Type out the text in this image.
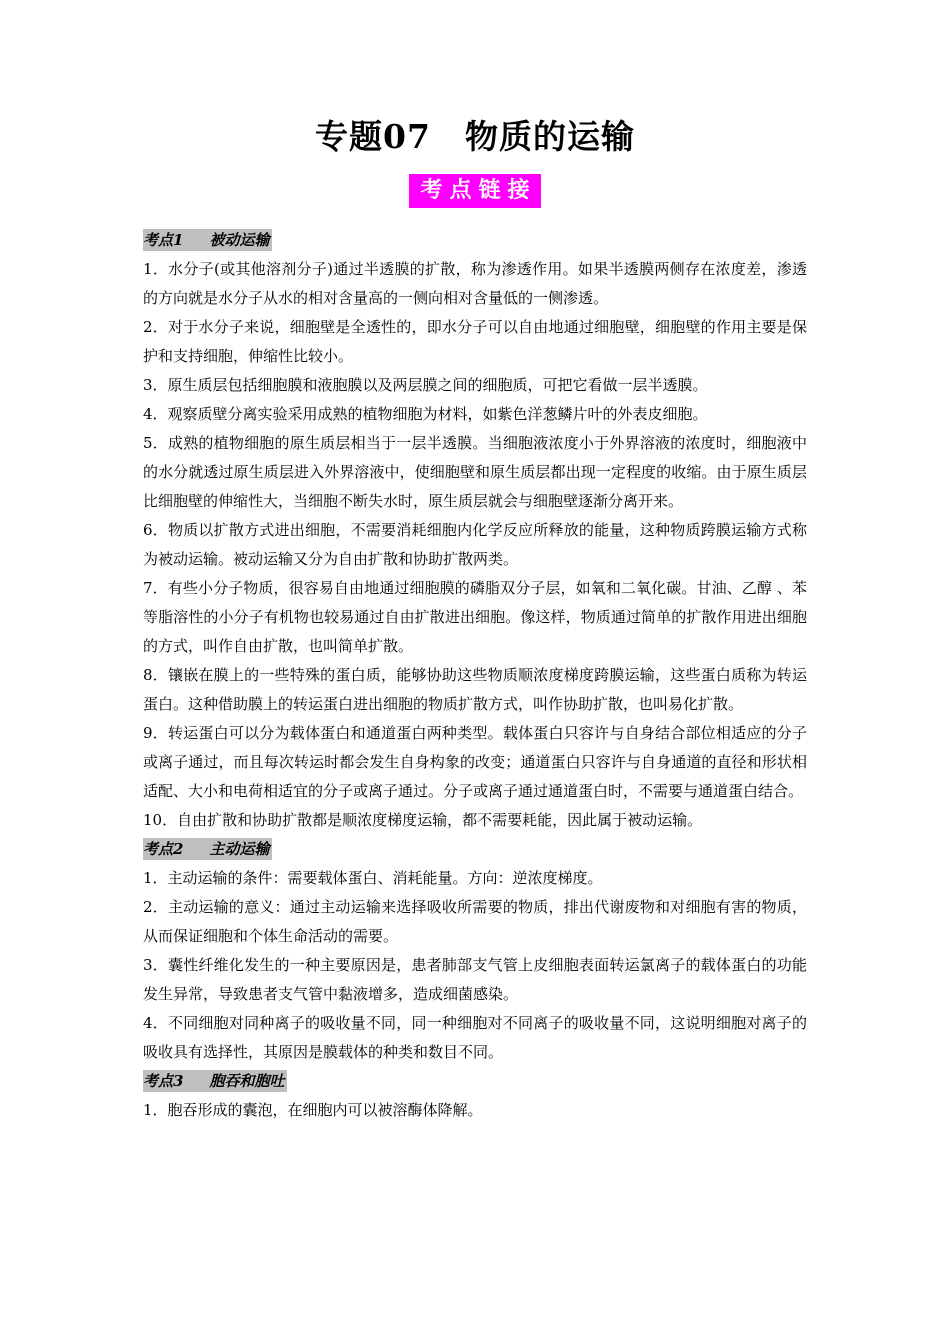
专题07　物质的运输
考点链接
考点1 被动运输

1．水分子(或其他溶剂分子)通过半透膜的扩散，称为渗透作用。如果半透膜两侧存在浓度差，渗透的方向就是水分子从水的相对含量高的一侧向相对含量低的一侧渗透。

2．对于水分子来说，细胞壁是全透性的，即水分子可以自由地通过细胞壁，细胞壁的作用主要是保护和支持细胞，伸缩性比较小。

3．原生质层包括细胞膜和液胞膜以及两层膜之间的细胞质，可把它看做一层半透膜。

4．观察质壁分离实验采用成熟的植物细胞为材料，如紫色洋葱鳞片叶的外表皮细胞。

5．成熟的植物细胞的原生质层相当于一层半透膜。当细胞液浓度小于外界溶液的浓度时，细胞液中的水分就透过原生质层进入外界溶液中，使细胞壁和原生质层都出现一定程度的收缩。由于原生质层比细胞壁的伸缩性大，当细胞不断失水时，原生质层就会与细胞壁逐渐分离开来。

6．物质以扩散方式进出细胞，不需要消耗细胞内化学反应所释放的能量，这种物质跨膜运输方式称为被动运输。被动运输又分为自由扩散和协助扩散两类。

7．有些小分子物质，很容易自由地通过细胞膜的磷脂双分子层，如氧和二氧化碳。甘油、乙醇 、苯等脂溶性的小分子有机物也较易通过自由扩散进出细胞。像这样，物质通过简单的扩散作用进出细胞的方式，叫作自由扩散，也叫简单扩散。

8．镶嵌在膜上的一些特殊的蛋白质，能够协助这些物质顺浓度梯度跨膜运输，这些蛋白质称为转运蛋白。这种借助膜上的转运蛋白进出细胞的物质扩散方式，叫作协助扩散，也叫易化扩散。

9．转运蛋白可以分为载体蛋白和通道蛋白两种类型。载体蛋白只容许与自身结合部位相适应的分子或离子通过，而且每次转运时都会发生自身构象的改变；通道蛋白只容许与自身通道的直径和形状相适配、大小和电荷相适宜的分子或离子通过。分子或离子通过通道蛋白时，不需要与通道蛋白结合。

10．自由扩散和协助扩散都是顺浓度梯度运输，都不需要耗能，因此属于被动运输。

考点2 主动运输

1．主动运输的条件：需要载体蛋白、消耗能量。方向：逆浓度梯度。

2．主动运输的意义：通过主动运输来选择吸收所需要的物质，排出代谢废物和对细胞有害的物质，从而保证细胞和个体生命活动的需要。

3．囊性纤维化发生的一种主要原因是，患者肺部支气管上皮细胞表面转运氯离子的载体蛋白的功能发生异常，导致患者支气管中黏液增多，造成细菌感染。

4．不同细胞对同种离子的吸收量不同，同一种细胞对不同离子的吸收量不同，这说明细胞对离子的吸收具有选择性，其原因是膜载体的种类和数目不同。

考点3 胞吞和胞吐

1．胞吞形成的囊泡，在细胞内可以被溶酶体降解。
